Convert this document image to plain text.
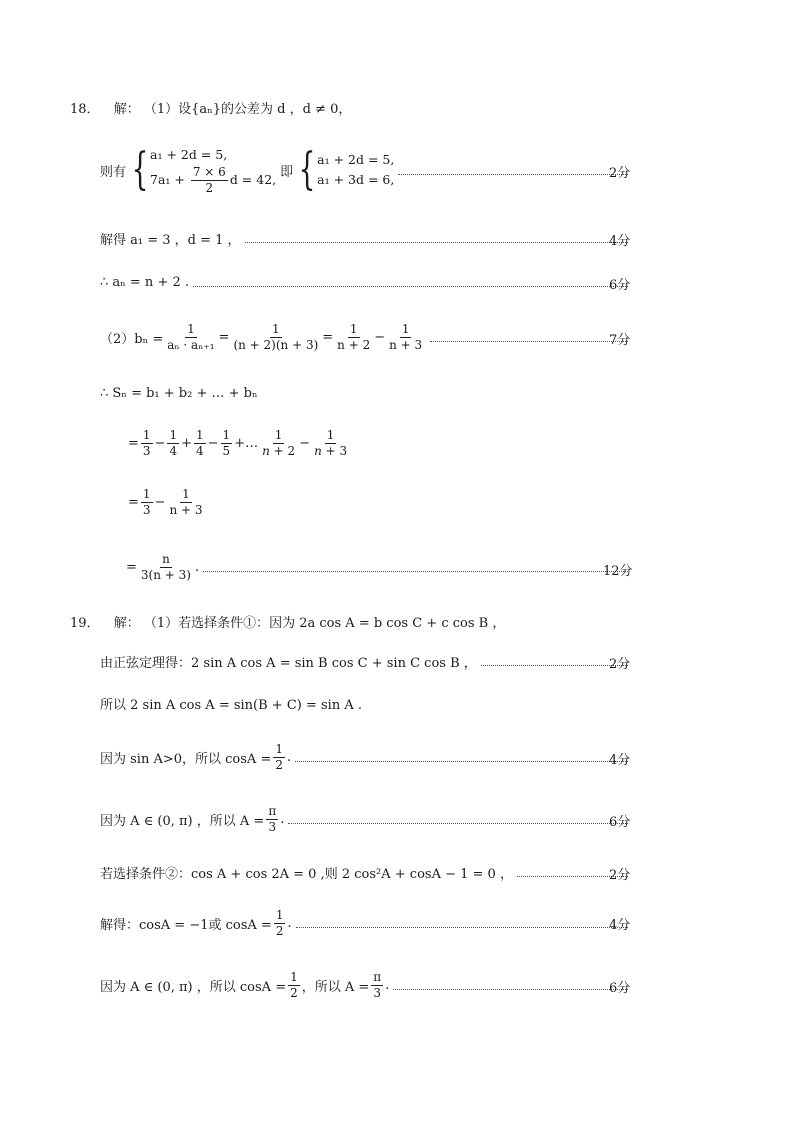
18． 解： （1）设{aₙ}的公差为 d ，d ≠ 0，
则有 { a₁ + 2d = 5,
$7a_1 + \frac{7 \times 6}{2}$ d = 42, 即 { a₁ + 2d = 5,
a₁ + 3d = 6,	2分
解得 a₁ = 3 ，d = 1 ，	4分
∴ aₙ = n + 2 .	6分
$(2)b_n = \frac{1}{\text{aₙ · aₙ₊₁}} = \frac{1}{(n + 2)(n + 3)} = \frac{1}{n + 2} - \frac{1}{n + 3}$	7分
∴ Sₙ = b₁ + b₂ + … + bₙ
= $\frac{1}{3} - \frac{1}{4} + \frac{1}{4} - \frac{1}{5}$ +… $\frac{1}{n + 2} - \frac{1}{n + 3}$
= $\frac{1}{3} - \frac{1}{n + 3}$
= $\frac{n}{3(n + 3)}$ .	12分
19． 解： （1）若选择条件①：因为 2a cos A = b cos C + c cos B ，
由正弦定理得：2 sin A cos A = sin B cos C + sin C cos B ，	2分
所以 2 sin A cos A = sin(B + C) = sin A .
因为 sin A>0，所以 $\cos A = \frac{1}{2}$ .	4分
因为 A ∈ (0, π) ，所以 $A = \frac{\pi}{3}$ .	6分
若选择条件②：cos A + cos 2A = 0 ,则 2 cos²A + cosA − 1 = 0 ，	2分
解得：cosA = −1或 $\cos A = \frac{1}{2}$ .	4分
因为 A ∈ (0, π) ，所以 $\cos A = \frac{1}{2}$ ，所以 $A = \frac{\pi}{3}$ .	6分
